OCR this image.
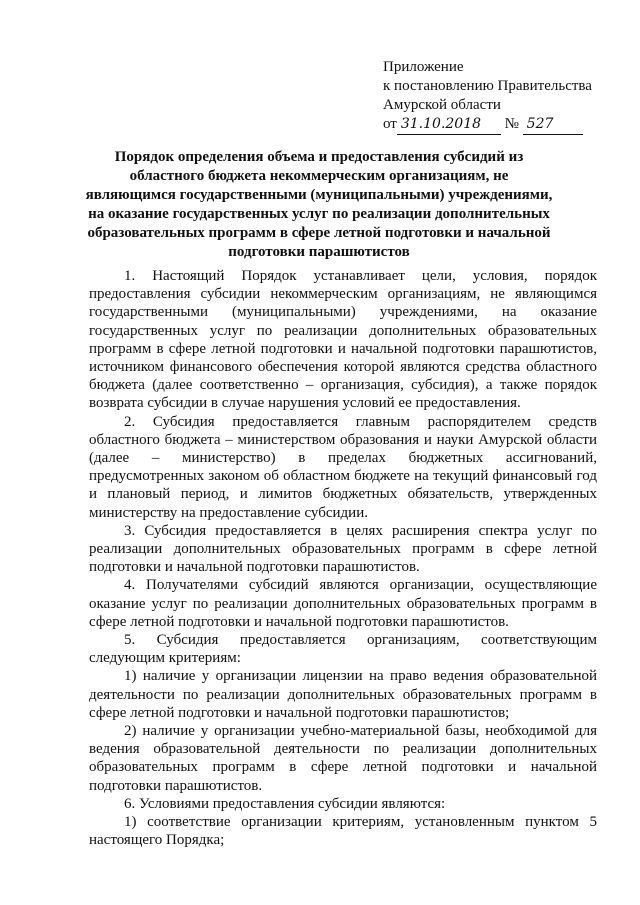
Приложение
к постановлению Правительства
Амурской области
от 31.10.2018 № 527
Порядок определения объема и предоставления субсидий из областного бюджета некоммерческим организациям, не являющимся государственными (муниципальными) учреждениями, на оказание государственных услуг по реализации дополнительных образовательных программ в сфере летной подготовки и начальной подготовки парашютистов

1. Настоящий Порядок устанавливает цели, условия, порядок предоставления субсидии некоммерческим организациям, не являющимся государственными (муниципальными) учреждениями, на оказание государственных услуг по реализации дополнительных образовательных программ в сфере летной подготовки и начальной подготовки парашютистов, источником финансового обеспечения которой являются средства областного бюджета (далее соответственно – организация, субсидия), а также порядок возврата субсидии в случае нарушения условий ее предоставления.

2. Субсидия предоставляется главным распорядителем средств областного бюджета – министерством образования и науки Амурской области (далее – министерство) в пределах бюджетных ассигнований, предусмотренных законом об областном бюджете на текущий финансовый год и плановый период, и лимитов бюджетных обязательств, утвержденных министерству на предоставление субсидии.

3. Субсидия предоставляется в целях расширения спектра услуг по реализации дополнительных образовательных программ в сфере летной подготовки и начальной подготовки парашютистов.

4. Получателями субсидий являются организации, осуществляющие оказание услуг по реализации дополнительных образовательных программ в сфере летной подготовки и начальной подготовки парашютистов.

5. Субсидия предоставляется организациям, соответствующим следующим критериям:

1) наличие у организации лицензии на право ведения образовательной деятельности по реализации дополнительных образовательных программ в сфере летной подготовки и начальной подготовки парашютистов;

2) наличие у организации учебно-материальной базы, необходимой для ведения образовательной деятельности по реализации дополнительных образовательных программ в сфере летной подготовки и начальной подготовки парашютистов.

6. Условиями предоставления субсидии являются:

1) соответствие организации критериям, установленным пунктом 5 настоящего Порядка;
